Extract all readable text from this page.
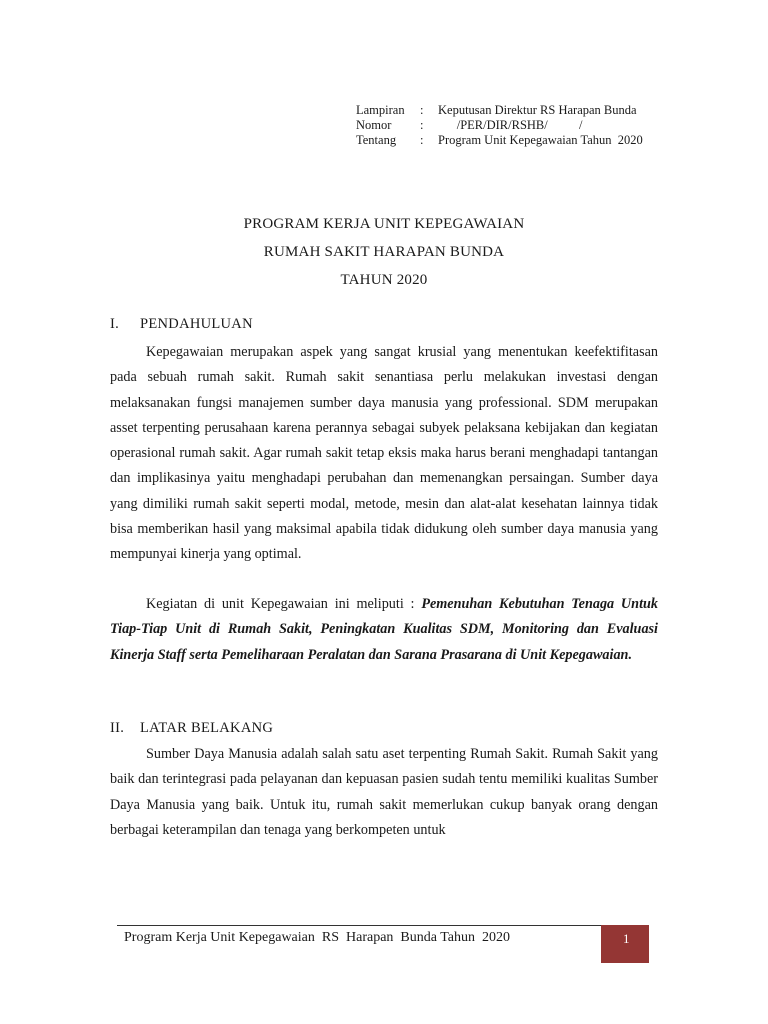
Lampiran	:	Keputusan Direktur RS Harapan Bunda
Nomor	:	/PER/DIR/RSHB/          /
Tentang	:	Program Unit Kepegawaian Tahun  2020
PROGRAM KERJA UNIT KEPEGAWAIAN
RUMAH SAKIT HARAPAN BUNDA
TAHUN 2020
I. PENDAHULUAN

Kepegawaian merupakan aspek yang sangat krusial yang menentukan keefektifitasan pada sebuah rumah sakit. Rumah sakit senantiasa perlu melakukan investasi dengan melaksanakan fungsi manajemen sumber daya manusia yang professional. SDM merupakan asset terpenting perusahaan karena perannya sebagai subyek pelaksana kebijakan dan kegiatan operasional rumah sakit. Agar rumah sakit tetap eksis maka harus berani menghadapi tantangan dan implikasinya yaitu menghadapi perubahan dan memenangkan persaingan. Sumber daya yang dimiliki rumah sakit seperti modal, metode, mesin dan alat-alat kesehatan lainnya tidak bisa memberikan hasil yang maksimal apabila tidak didukung oleh sumber daya manusia yang mempunyai kinerja yang optimal.

Kegiatan di unit Kepegawaian ini meliputi : Pemenuhan Kebutuhan Tenaga Untuk Tiap-Tiap Unit di Rumah Sakit, Peningkatan Kualitas SDM, Monitoring dan Evaluasi Kinerja Staff serta Pemeliharaan Peralatan dan Sarana Prasarana di Unit Kepegawaian.

II. LATAR BELAKANG

Sumber Daya Manusia adalah salah satu aset terpenting Rumah Sakit. Rumah Sakit yang baik dan terintegrasi pada pelayanan dan kepuasan pasien sudah tentu memiliki kualitas Sumber Daya Manusia yang baik. Untuk itu, rumah sakit memerlukan cukup banyak orang dengan berbagai keterampilan dan tenaga yang berkompeten untuk

Program Kerja Unit Kepegawaian  RS  Harapan  Bunda Tahun  2020	1
